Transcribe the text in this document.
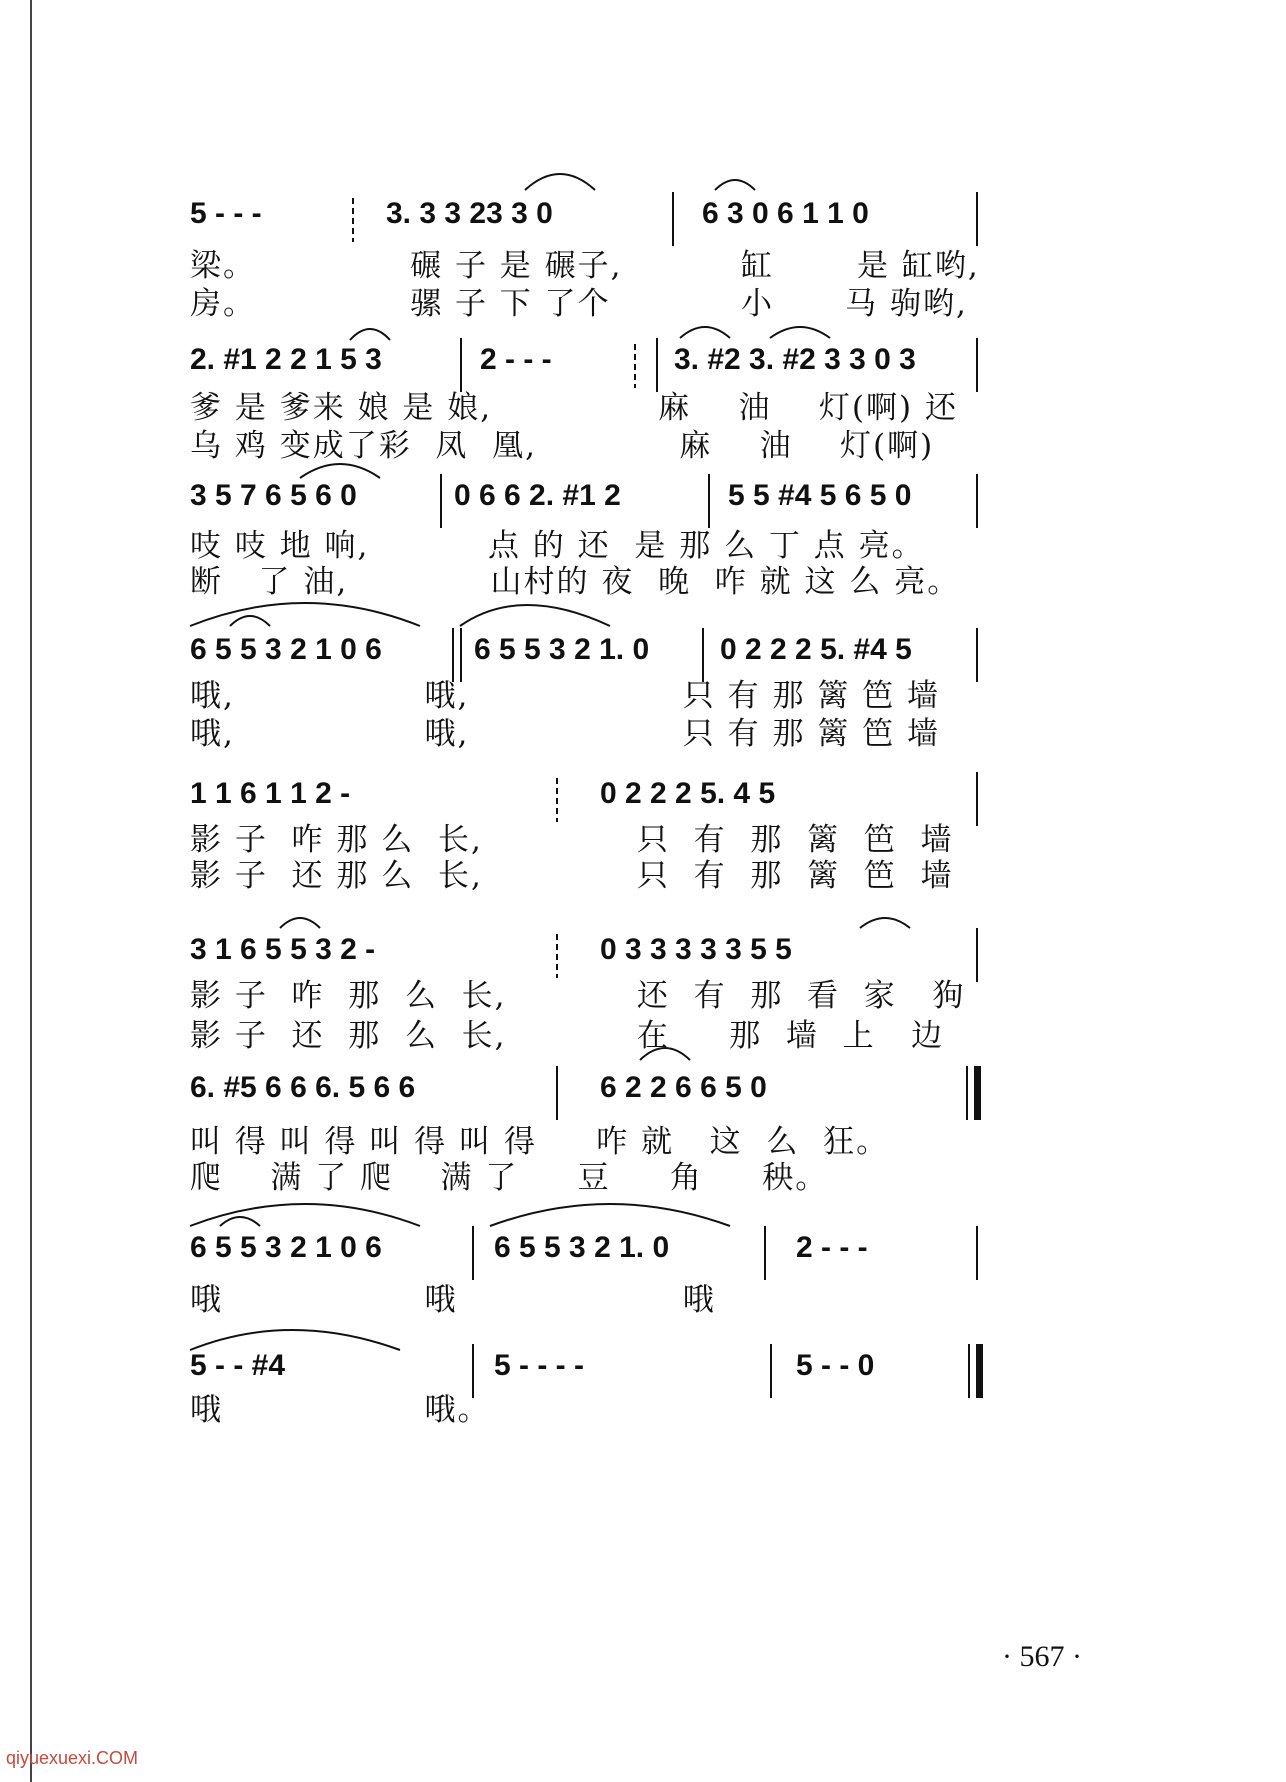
5 - - -	3. 3 3 23 3 0	6 3 0 6 1 1 0
梁。             碾 子 是 碾子,          缸       是 缸哟,
房。             骡 子 下 了个           小      马 驹哟,
2. #1 2 2 1 5 3	2 - - -	3. #2 3. #2 3 3 0 3
爹 是 爹来 娘 是 娘,              麻    油    灯(啊) 还
乌 鸡 变成了彩  凤  凰,            麻    油    灯(啊)
3 5 7 6 5 6 0	0 6 6 2. #1 2	5 5 #4 5 6 5 0
吱 吱 地 响,          点 的 还  是 那 么 丁 点 亮。
断   了 油,            山村的 夜  晚  咋 就 这 么 亮。
6 5 5 3 2 1 0 6	6 5 5 3 2 1. 0 0 2 2 2 5. #4 5
哦,                哦,                  只 有 那 篱 笆 墙
哦,                哦,                  只 有 那 篱 笆 墙
1 1 6 1 1 2 -	0 2 2 2 5. 4 5
影 子  咋 那 么  长,             只  有  那  篱  笆  墙
影 子  还 那 么  长,             只  有  那  篱  笆  墙
3 1 6 5 5 3 2 -	0 3 3 3 3 3 5 5
影 子  咋  那  么  长,           还  有  那  看  家   狗
影 子  还  那  么  长,           在     那  墙  上   边
6. #5 6 6 6. 5 6 6	6 2 2 6 6 5 0
叫 得 叫 得 叫 得 叫 得     咋 就   这  么  狂。
爬    满 了 爬    满 了     豆     角     秧。
6 5 5 3 2 1 0 6	6 5 5 3 2 1. 0	2 - - -
哦                 哦                   哦
5 - - #4	5 - - - -	5 - - 0
哦                 哦。
· 567 ·
qiyuexuexi.COM
